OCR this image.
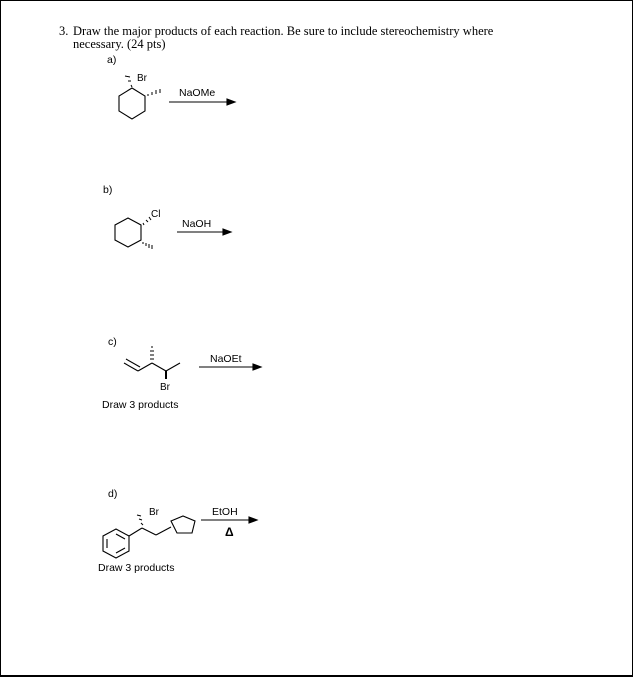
3. Draw the major products of each reaction. Be sure to include stereochemistry where necessary. (24 pts)
a)
b)
c)
d)
Draw 3 products
Draw 3 products
Br
Cl
Br
Br
NaOMe
NaOH
NaOEt
EtOH
Δ
